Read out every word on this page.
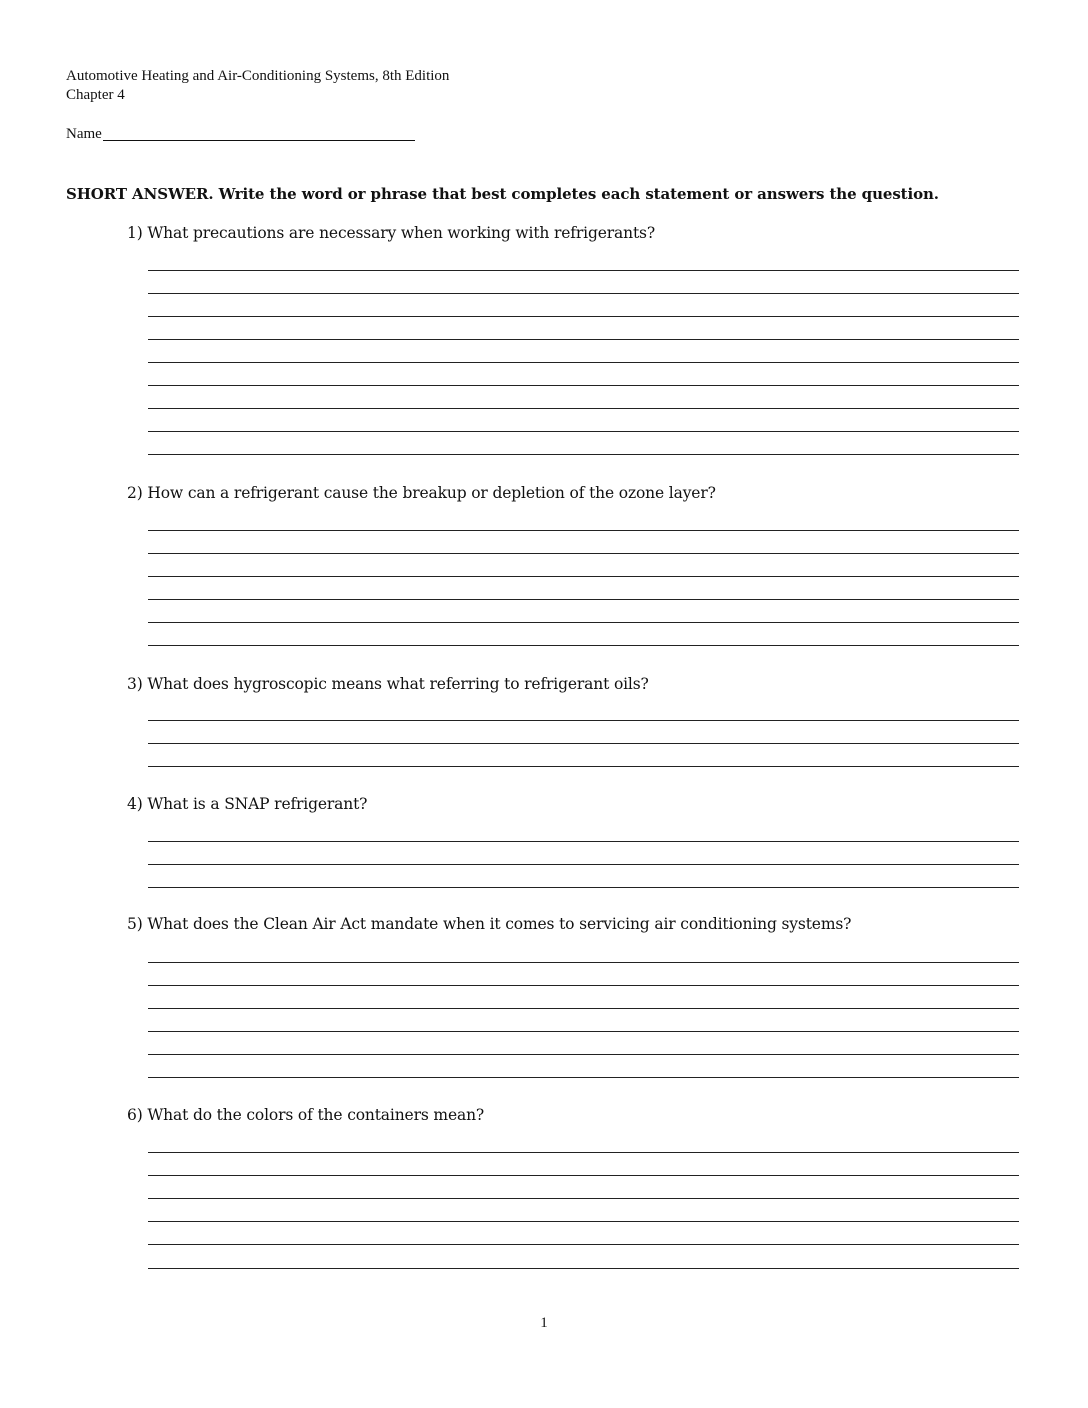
Automotive Heating and Air-Conditioning Systems, 8th Edition
Chapter 4
Name
SHORT ANSWER. Write the word or phrase that best completes each statement or answers the question.
1) What precautions are necessary when working with refrigerants?
2) How can a refrigerant cause the breakup or depletion of the ozone layer?
3) What does hygroscopic means what referring to refrigerant oils?
4) What is a SNAP refrigerant?
5) What does the Clean Air Act mandate when it comes to servicing air conditioning systems?
6) What do the colors of the containers mean?
1
